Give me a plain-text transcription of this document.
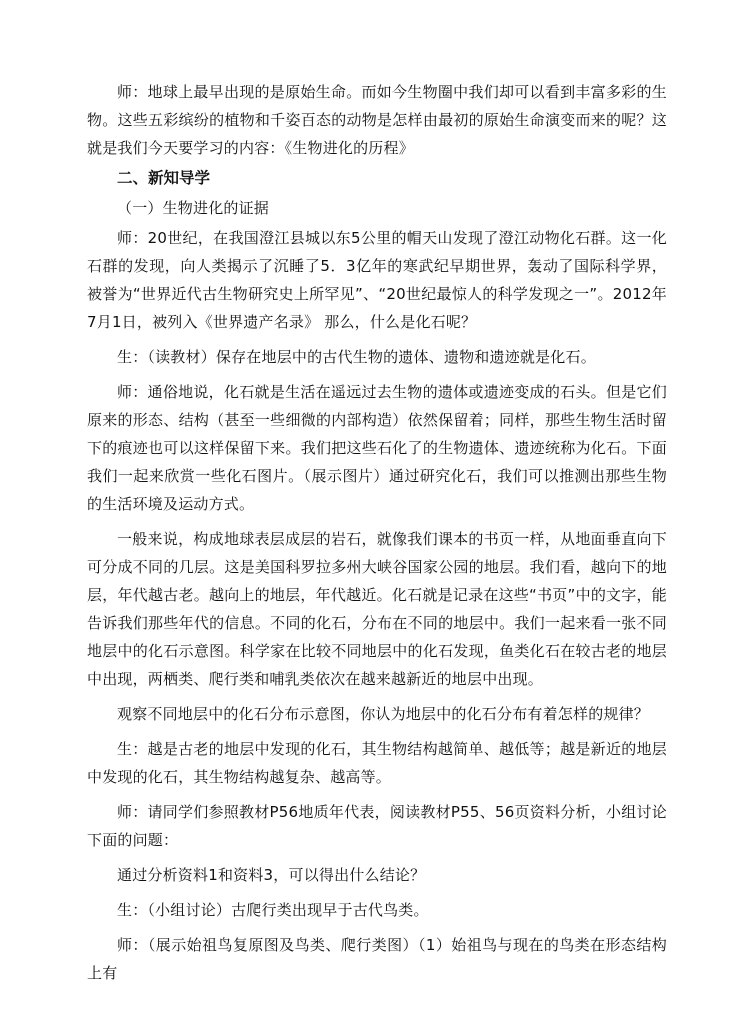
师：地球上最早出现的是原始生命。而如今生物圈中我们却可以看到丰富多彩的生物。这些五彩缤纷的植物和千姿百态的动物是怎样由最初的原始生命演变而来的呢？这就是我们今天要学习的内容：《生物进化的历程》

二、新知导学

（一）生物进化的证据

师：20世纪，在我国澄江县城以东5公里的帽天山发现了澄江动物化石群。这一化石群的发现，向人类揭示了沉睡了5．3亿年的寒武纪早期世界，轰动了国际科学界，被誉为“世界近代古生物研究史上所罕见”、“20世纪最惊人的科学发现之一”。2012年7月1日，被列入《世界遗产名录》 那么，什么是化石呢？

生：（读教材）保存在地层中的古代生物的遗体、遗物和遗迹就是化石。

师：通俗地说，化石就是生活在遥远过去生物的遗体或遗迹变成的石头。但是它们原来的形态、结构（甚至一些细微的内部构造）依然保留着；同样，那些生物生活时留下的痕迹也可以这样保留下来。我们把这些石化了的生物遗体、遗迹统称为化石。下面我们一起来欣赏一些化石图片。（展示图片）通过研究化石，我们可以推测出那些生物的生活环境及运动方式。

一般来说，构成地球表层成层的岩石，就像我们课本的书页一样，从地面垂直向下可分成不同的几层。这是美国科罗拉多州大峡谷国家公园的地层。我们看，越向下的地层，年代越古老。越向上的地层，年代越近。化石就是记录在这些“书页”中的文字，能告诉我们那些年代的信息。不同的化石，分布在不同的地层中。我们一起来看一张不同地层中的化石示意图。科学家在比较不同地层中的化石发现，鱼类化石在较古老的地层中出现，两栖类、爬行类和哺乳类依次在越来越新近的地层中出现。

观察不同地层中的化石分布示意图，你认为地层中的化石分布有着怎样的规律？

生：越是古老的地层中发现的化石，其生物结构越简单、越低等；越是新近的地层中发现的化石，其生物结构越复杂、越高等。

师：请同学们参照教材P56地质年代表，阅读教材P55、56页资料分析，小组讨论下面的问题：

通过分析资料1和资料3，可以得出什么结论？

生：（小组讨论）古爬行类出现早于古代鸟类。

师：（展示始祖鸟复原图及鸟类、爬行类图）（1）始祖鸟与现在的鸟类在形态结构上有
